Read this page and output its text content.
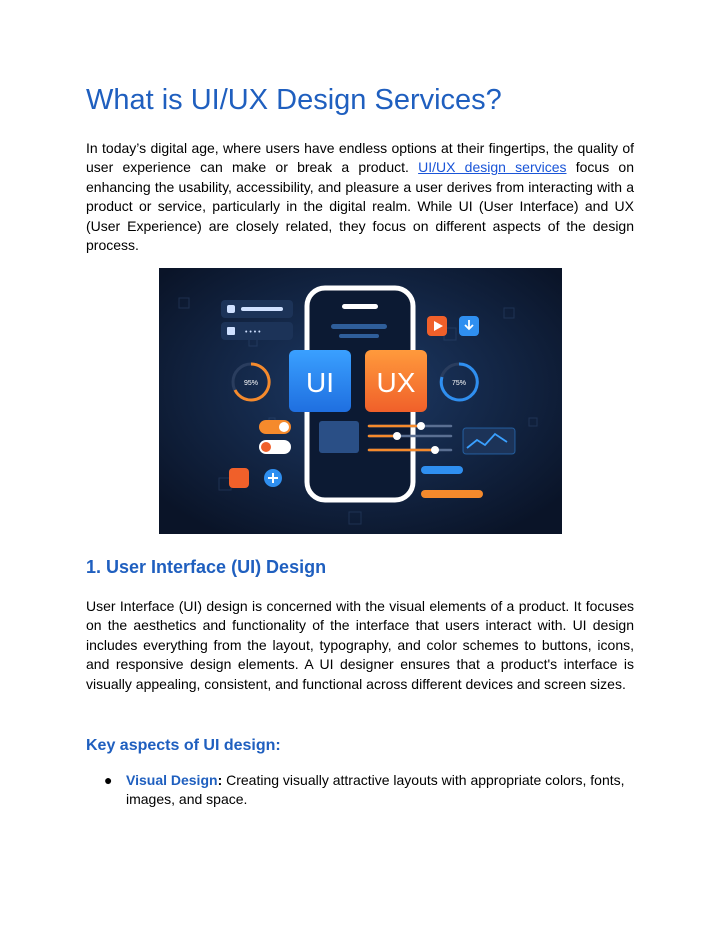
What is UI/UX Design Services?

In today’s digital age, where users have endless options at their fingertips, the quality of user experience can make or break a product. UI/UX design services focus on enhancing the usability, accessibility, and pleasure a user derives from interacting with a product or service, particularly in the digital realm. While UI (User Interface) and UX (User Experience) are closely related, they focus on different aspects of the design process.

• • • •
95%	75%
UI UX
1. User Interface (UI) Design

User Interface (UI) design is concerned with the visual elements of a product. It focuses on the aesthetics and functionality of the interface that users interact with. UI design includes everything from the layout, typography, and color schemes to buttons, icons, and responsive design elements. A UI designer ensures that a product's interface is visually appealing, consistent, and functional across different devices and screen sizes.

Key aspects of UI design:
● Visual Design: Creating visually attractive layouts with appropriate colors, fonts, images, and space.
